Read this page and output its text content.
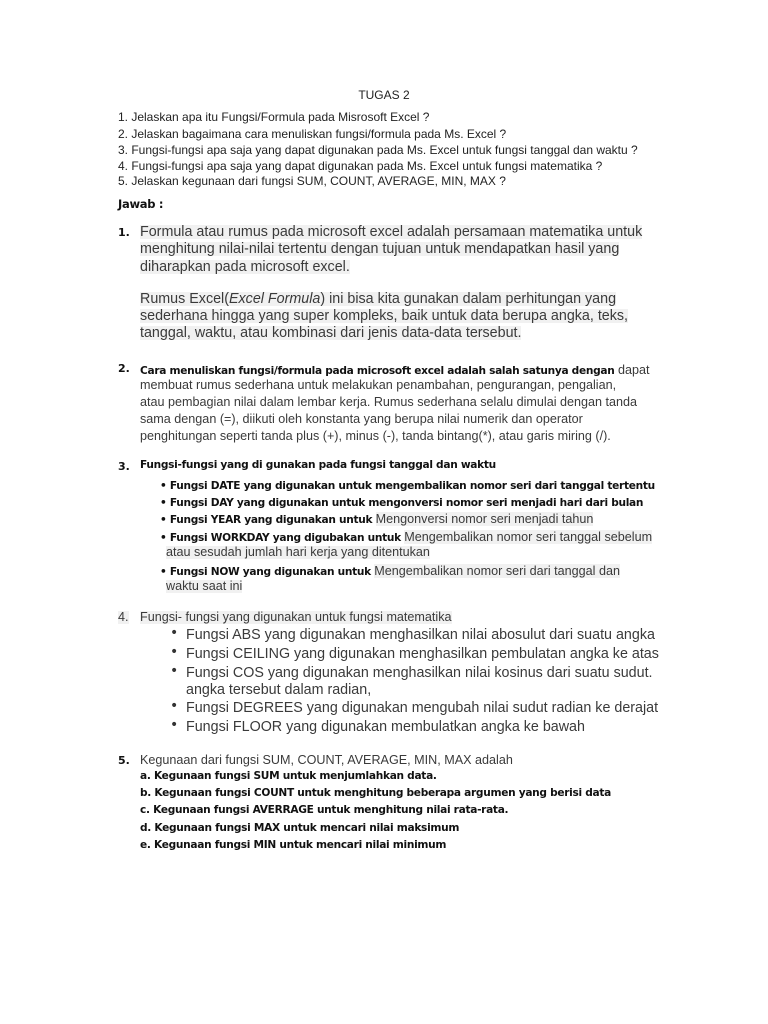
TUGAS 2
1. Jelaskan apa itu Fungsi/Formula pada Misrosoft Excel ?
2. Jelaskan bagaimana cara menuliskan fungsi/formula pada Ms. Excel ?
3. Fungsi-fungsi apa saja yang dapat digunakan pada Ms. Excel untuk fungsi tanggal dan waktu ?
4. Fungsi-fungsi apa saja yang dapat digunakan pada Ms. Excel untuk fungsi matematika ?
5. Jelaskan kegunaan dari fungsi SUM, COUNT, AVERAGE, MIN, MAX ?
Jawab :
1. Formula atau rumus pada microsoft excel adalah persamaan matematika untuk
menghitung nilai-nilai tertentu dengan tujuan untuk mendapatkan hasil yang
diharapkan pada microsoft excel.
Rumus Excel(Excel Formula) ini bisa kita gunakan dalam perhitungan yang
sederhana hingga yang super kompleks, baik untuk data berupa angka, teks,
tanggal, waktu, atau kombinasi dari jenis data-data tersebut.
2. Cara menuliskan fungsi/formula pada microsoft excel adalah salah satunya dengan dapat
membuat rumus sederhana untuk melakukan penambahan, pengurangan, pengalian,
atau pembagian nilai dalam lembar kerja. Rumus sederhana selalu dimulai dengan tanda
sama dengan (=), diikuti oleh konstanta yang berupa nilai numerik dan operator
penghitungan seperti tanda plus (+), minus (-), tanda bintang(*), atau garis miring (/).
3. Fungsi-fungsi yang di gunakan pada fungsi tanggal dan waktu
• Fungsi DATE yang digunakan untuk mengembalikan nomor seri dari tanggal tertentu
• Fungsi DAY yang digunakan untuk mengonversi nomor seri menjadi hari dari bulan
• Fungsi YEAR yang digunakan untuk Mengonversi nomor seri menjadi tahun
• Fungsi WORKDAY yang digubakan untuk Mengembalikan nomor seri tanggal sebelum
atau sesudah jumlah hari kerja yang ditentukan
• Fungsi NOW yang digunakan untuk Mengembalikan nomor seri dari tanggal dan
waktu saat ini
4. Fungsi- fungsi yang digunakan untuk fungsi matematika
• Fungsi ABS yang digunakan menghasilkan nilai abosulut dari suatu angka
• Fungsi CEILING yang digunakan menghasilkan pembulatan angka ke atas
• Fungsi COS yang digunakan menghasilkan nilai kosinus dari suatu sudut.
angka tersebut dalam radian,
• Fungsi DEGREES yang digunakan mengubah nilai sudut radian ke derajat
• Fungsi FLOOR yang digunakan membulatkan angka ke bawah
5. Kegunaan dari fungsi SUM, COUNT, AVERAGE, MIN, MAX adalah
a. Kegunaan fungsi SUM untuk menjumlahkan data.
b. Kegunaan fungsi COUNT untuk menghitung beberapa argumen yang berisi data
c. Kegunaan fungsi AVERRAGE untuk menghitung nilai rata-rata.
d. Kegunaan fungsi MAX untuk mencari nilai maksimum
e. Kegunaan fungsi MIN untuk mencari nilai minimum
